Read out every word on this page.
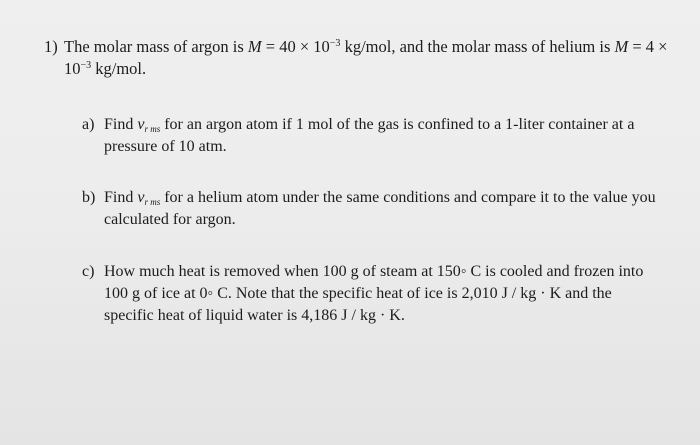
1) The molar mass of argon is $M = 40 \times 10^{-3}$ kg/mol, and the molar mass of helium is M = 4 ×
$10^{-3}$ kg/mol.
a) Find $v_{r ms}$ for an argon atom if 1 mol of the gas is confined to a 1-liter container at a pressure of 10 atm.
b) Find $v_{r ms}$ for a helium atom under the same conditions and compare it to the value you calculated for argon.
c) How much heat is removed when 100 g of steam at 150◦ C is cooled and frozen into 100 g of ice at 0◦ C. Note that the specific heat of ice is 2,010 J / kg · K and the specific heat of liquid water is 4,186 J / kg · K.
